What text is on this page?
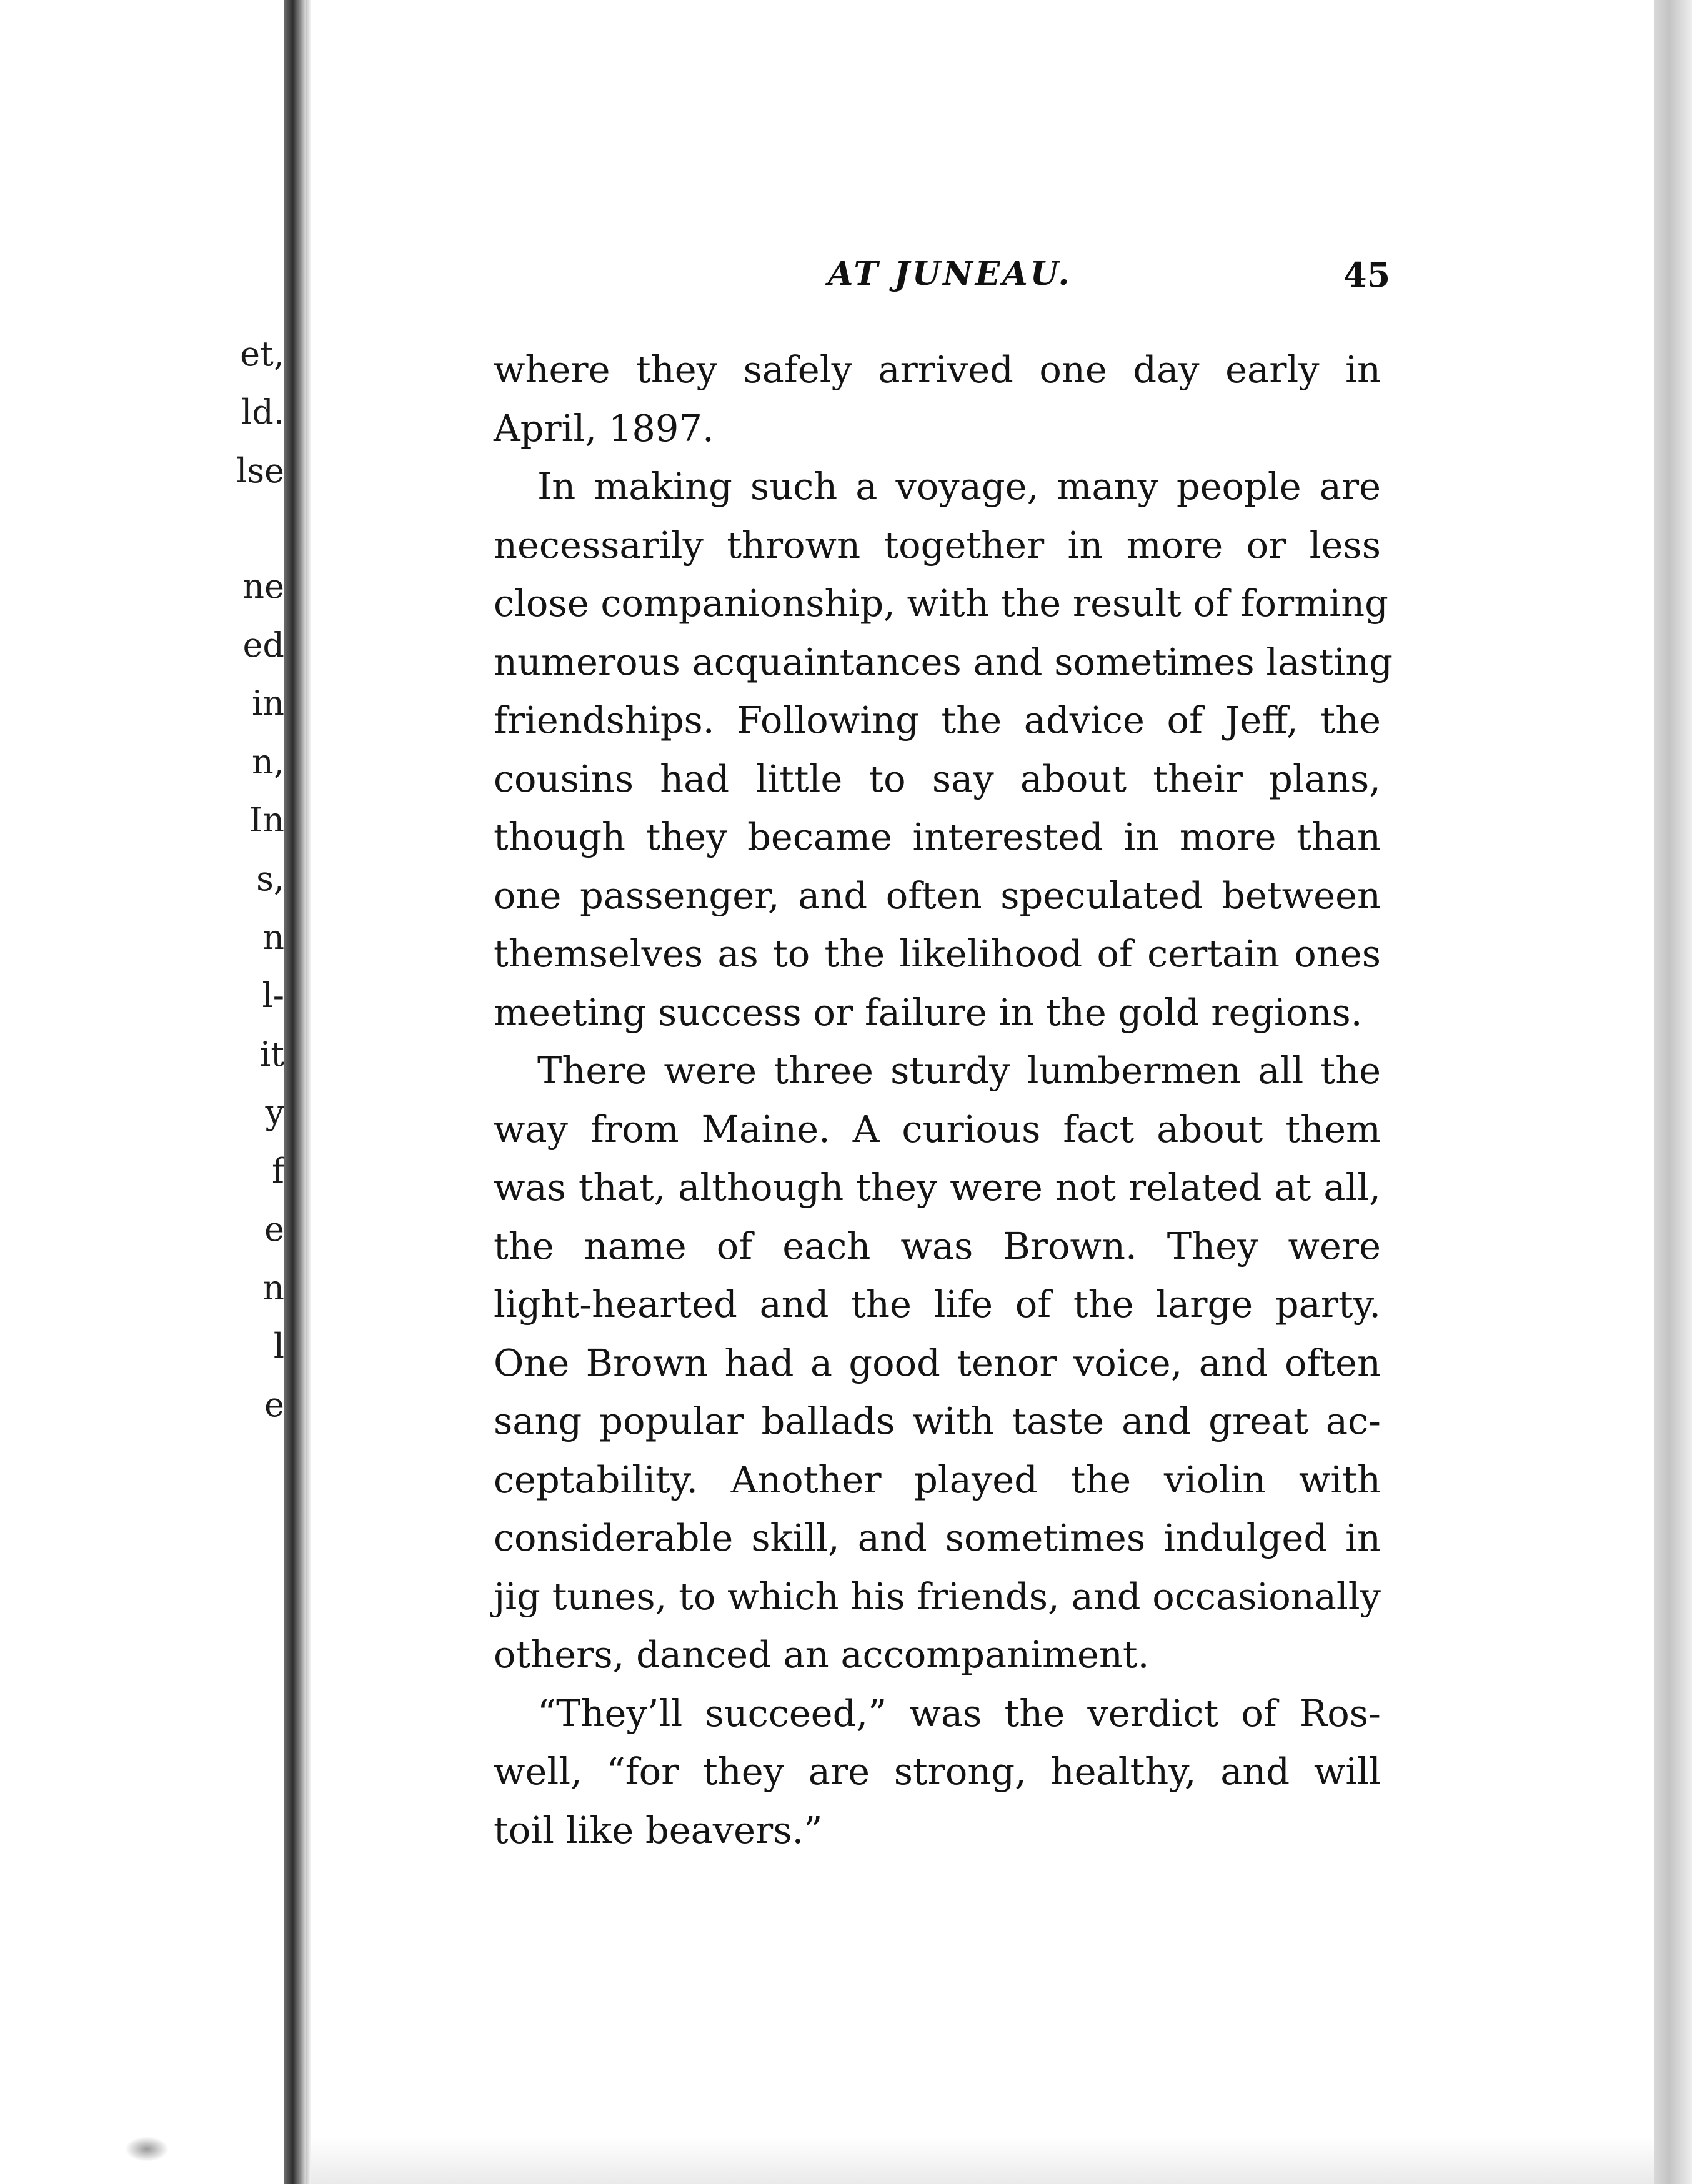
et,
ld.
lse
ne
ed
in
n,
In
s,
n
l-
it
y
f
e
n
l
e
AT JUNEAU.	45
where they safely arrived one day early in
April, 1897.
In making such a voyage, many people are
necessarily thrown together in more or less
close companionship, with the result of forming
numerous acquaintances and sometimes lasting
friendships. Following the advice of Jeff, the
cousins had little to say about their plans,
though they became interested in more than
one passenger, and often speculated between
themselves as to the likelihood of certain ones
meeting success or failure in the gold regions.
There were three sturdy lumbermen all the
way from Maine. A curious fact about them
was that, although they were not related at all,
the name of each was Brown. They were
light-hearted and the life of the large party.
One Brown had a good tenor voice, and often
sang popular ballads with taste and great ac-
ceptability. Another played the violin with
considerable skill, and sometimes indulged in
jig tunes, to which his friends, and occasionally
others, danced an accompaniment.
“They’ll succeed,” was the verdict of Ros-
well, “for they are strong, healthy, and will
toil like beavers.”
